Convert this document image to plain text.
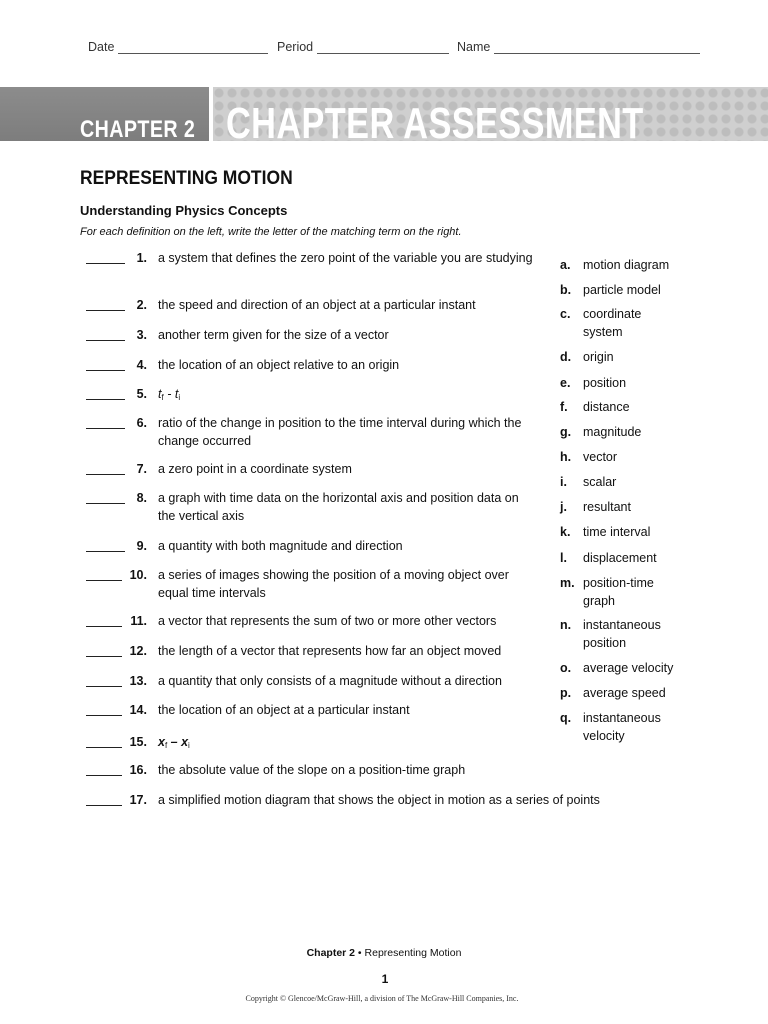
Date	Period	Name
CHAPTER 2 CHAPTER ASSESSMENT
REPRESENTING MOTION
Understanding Physics Concepts
For each definition on the left, write the letter of the matching term on the right.
1. a system that defines the zero point of the variable you are studying
2. the speed and direction of an object at a particular instant
3. another term given for the size of a vector
4. the location of an object relative to an origin
5. $t_f - t_i$
6. ratio of the change in position to the time interval during which the change occurred
7. a zero point in a coordinate system
8. a graph with time data on the horizontal axis and position data on the vertical axis
9. a quantity with both magnitude and direction
10. a series of images showing the position of a moving object over equal time intervals
11. a vector that represents the sum of two or more other vectors
12. the length of a vector that represents how far an object moved
13. a quantity that only consists of a magnitude without a direction
14. the location of an object at a particular instant
15. $x_f - x_i$
16. the absolute value of the slope on a position-time graph
17. a simplified motion diagram that shows the object in motion as a series of points
a.	motion diagram
b. particle model
c.	coordinate system
d. origin
e.	position
f.	distance
g. magnitude
h. vector
i.	scalar
j.	resultant
k.	time interval
l.	displacement
m. position-time graph
n. instantaneous position
o. average velocity
p. average speed
q. instantaneous velocity
Chapter 2 • Representing Motion
1
Copyright © Glencoe/McGraw-Hill, a division of The McGraw-Hill Companies, Inc.
